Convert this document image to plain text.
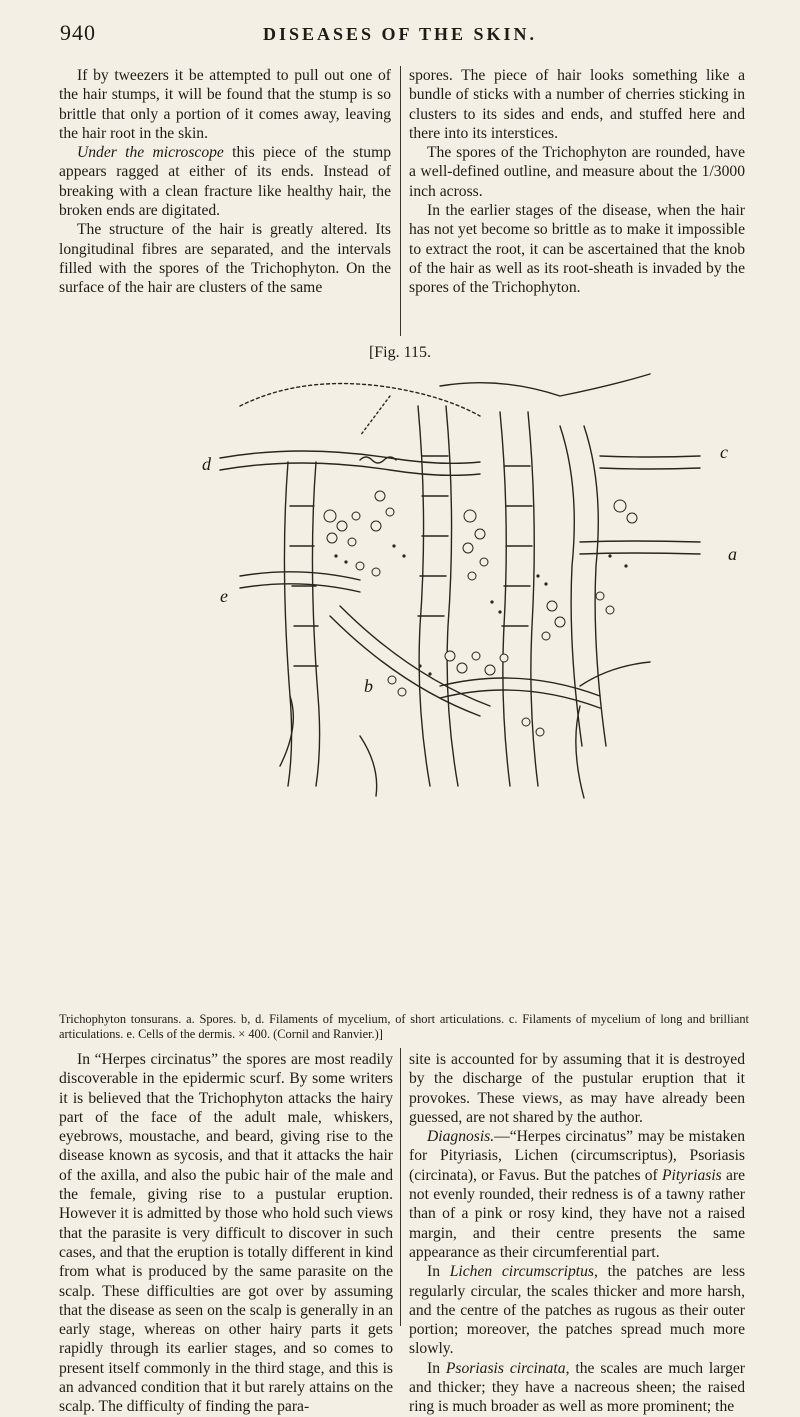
940	DISEASES OF THE SKIN.

If by tweezers it be attempted to pull out one of the hair stumps, it will be found that the stump is so brittle that only a portion of it comes away, leaving the hair root in the skin.

Under the microscope this piece of the stump appears ragged at either of its ends. Instead of breaking with a clean fracture like healthy hair, the broken ends are digitated.

The structure of the hair is greatly altered. Its longitudinal fibres are separated, and the intervals filled with the spores of the Trichophyton. On the surface of the hair are clusters of the same

spores. The piece of hair looks something like a bundle of sticks with a number of cherries sticking in clusters to its sides and ends, and stuffed here and there into its interstices.

The spores of the Trichophyton are rounded, have a well-defined outline, and measure about the 1/3000 inch across.

In the earlier stages of the disease, when the hair has not yet become so brittle as to make it impossible to extract the root, it can be ascertained that the knob of the hair as well as its root-sheath is invaded by the spores of the Trichophyton.

[Fig. 115.
d
c
a
e
b
Trichophyton tonsurans. a. Spores. b, d. Filaments of mycelium, of short articulations. c. Filaments of mycelium of long and brilliant articulations. e. Cells of the dermis. × 400. (Cornil and Ranvier.)]

In “Herpes circinatus” the spores are most readily discoverable in the epidermic scurf. By some writers it is believed that the Trichophyton attacks the hairy part of the face of the adult male, whiskers, eyebrows, moustache, and beard, giving rise to the disease known as sycosis, and that it attacks the hair of the axilla, and also the pubic hair of the male and the female, giving rise to a pustular eruption. However it is admitted by those who hold such views that the parasite is very difficult to discover in such cases, and that the eruption is totally different in kind from what is produced by the same parasite on the scalp. These difficulties are got over by assuming that the disease as seen on the scalp is generally in an early stage, whereas on other hairy parts it gets rapidly through its earlier stages, and so comes to present itself commonly in the third stage, and this is an advanced condition that it but rarely attains on the scalp. The difficulty of finding the para-

site is accounted for by assuming that it is destroyed by the discharge of the pustular eruption that it provokes. These views, as may have already been guessed, are not shared by the author.

Diagnosis.—“Herpes circinatus” may be mistaken for Pityriasis, Lichen (circumscriptus), Psoriasis (circinata), or Favus. But the patches of Pityriasis are not evenly rounded, their redness is of a tawny rather than of a pink or rosy kind, they have not a raised margin, and their centre presents the same appearance as their circumferential part.

In Lichen circumscriptus, the patches are less regularly circular, the scales thicker and more harsh, and the centre of the patches as rugous as their outer portion; moreover, the patches spread much more slowly.

In Psoriasis circinata, the scales are much larger and thicker; they have a nacreous sheen; the raised ring is much broader as well as more prominent; the
